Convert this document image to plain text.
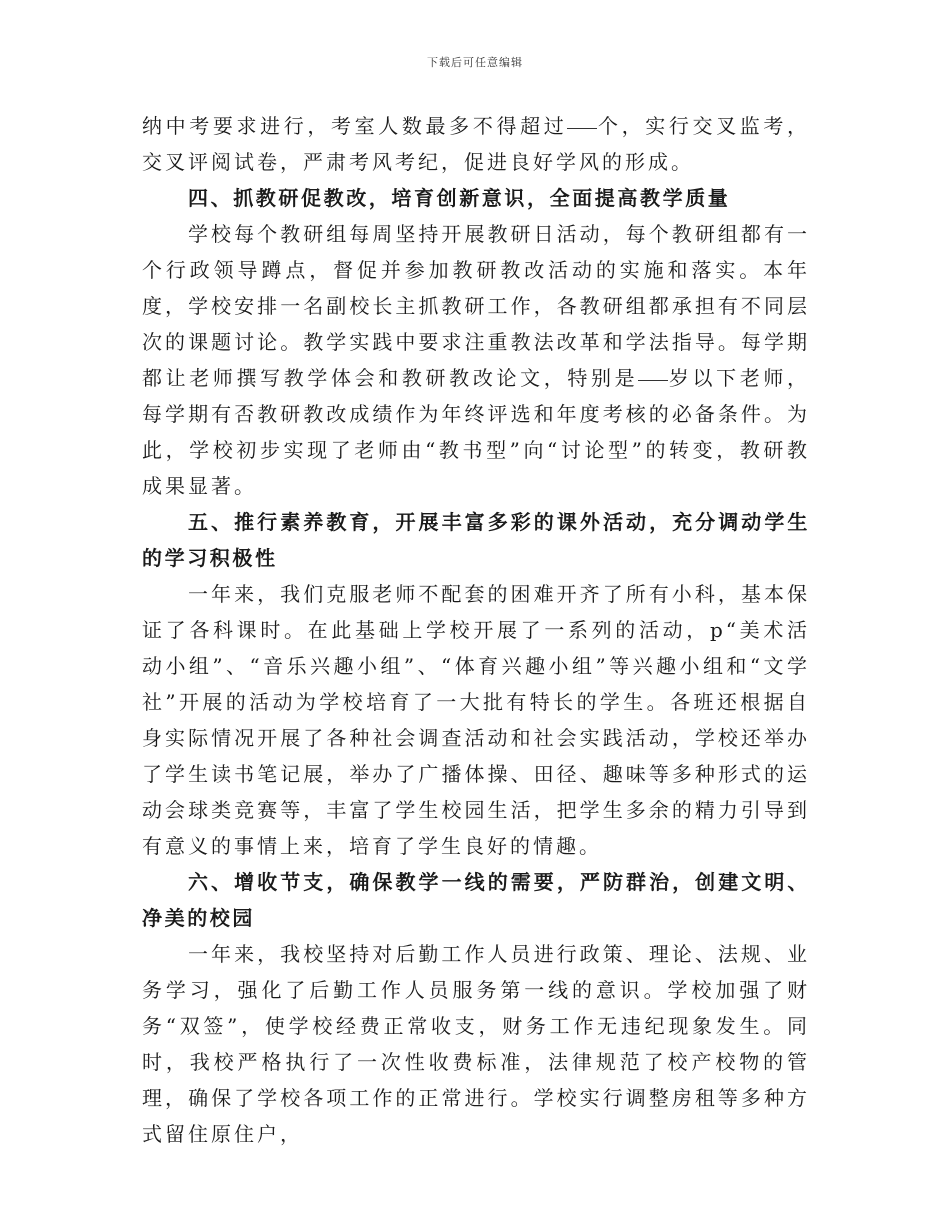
下载后可任意编辑

纳中考要求进行，考室人数最多不得超过 个，实行交叉监考，交叉评阅试卷，严肃考风考纪，促进良好学风的形成。

四、抓教研促教改，培育创新意识，全面提高教学质量

学校每个教研组每周坚持开展教研日活动，每个教研组都有一个行政领导蹲点，督促并参加教研教改活动的实施和落实。本年度，学校安排一名副校长主抓教研工作，各教研组都承担有不同层次的课题讨论。教学实践中要求注重教法改革和学法指导。每学期都让老师撰写教学体会和教研教改论文，特别是 岁以下老师，每学期有否教研教改成绩作为年终评选和年度考核的必备条件。为此，学校初步实现了老师由“教书型”向“讨论型”的转变，教研教成果显著。

五、推行素养教育，开展丰富多彩的课外活动，充分调动学生的学习积极性

一年来，我们克服老师不配套的困难开齐了所有小科，基本保证了各科课时。在此基础上学校开展了一系列的活动，p“美术活动小组”、“音乐兴趣小组”、“体育兴趣小组”等兴趣小组和“文学社”开展的活动为学校培育了一大批有特长的学生。各班还根据自身实际情况开展了各种社会调查活动和社会实践活动，学校还举办了学生读书笔记展，举办了广播体操、田径、趣味等多种形式的运动会球类竞赛等，丰富了学生校园生活，把学生多余的精力引导到有意义的事情上来，培育了学生良好的情趣。

六、增收节支，确保教学一线的需要，严防群治，创建文明、净美的校园

一年来，我校坚持对后勤工作人员进行政策、理论、法规、业务学习，强化了后勤工作人员服务第一线的意识。学校加强了财务“双签”，使学校经费正常收支，财务工作无违纪现象发生。同时，我校严格执行了一次性收费标准，法律规范了校产校物的管理，确保了学校各项工作的正常进行。学校实行调整房租等多种方式留住原住户，
